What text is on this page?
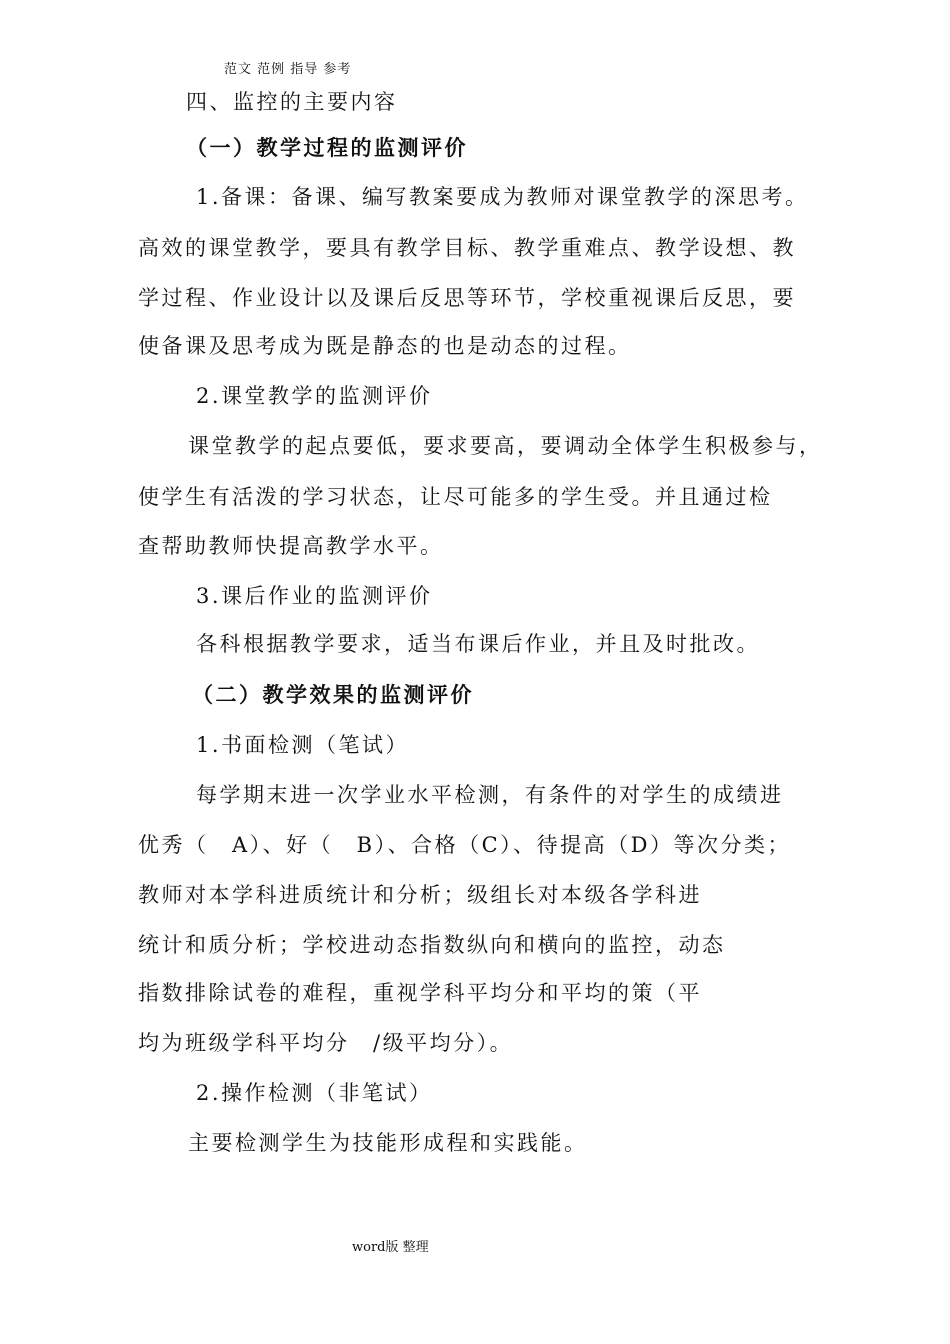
范文 范例 指导 参考
四、监控的主要内容
（一）教学过程的监测评价
1.备课：备课、编写教案要成为教师对课堂教学的深思考。
高效的课堂教学，要具有教学目标、教学重难点、教学设想、教
学过程、作业设计以及课后反思等环节，学校重视课后反思，要
使备课及思考成为既是静态的也是动态的过程。
2.课堂教学的监测评价
课堂教学的起点要低，要求要高，要调动全体学生积极参与，
使学生有活泼的学习状态，让尽可能多的学生受。并且通过检
查帮助教师快提高教学水平。
3.课后作业的监测评价
各科根据教学要求，适当布课后作业，并且及时批改。
（二）教学效果的监测评价
1.书面检测（笔试）
每学期末进一次学业水平检测，有条件的对学生的成绩进
优秀（　A）、好（　B）、合格（C）、待提高（D）等次分类；
教师对本学科进质统计和分析；级组长对本级各学科进
统计和质分析；学校进动态指数纵向和横向的监控，动态
指数排除试卷的难程，重视学科平均分和平均的策（平
均为班级学科平均分　/级平均分）。
2.操作检测（非笔试）
主要检测学生为技能形成程和实践能。
word版 整理
